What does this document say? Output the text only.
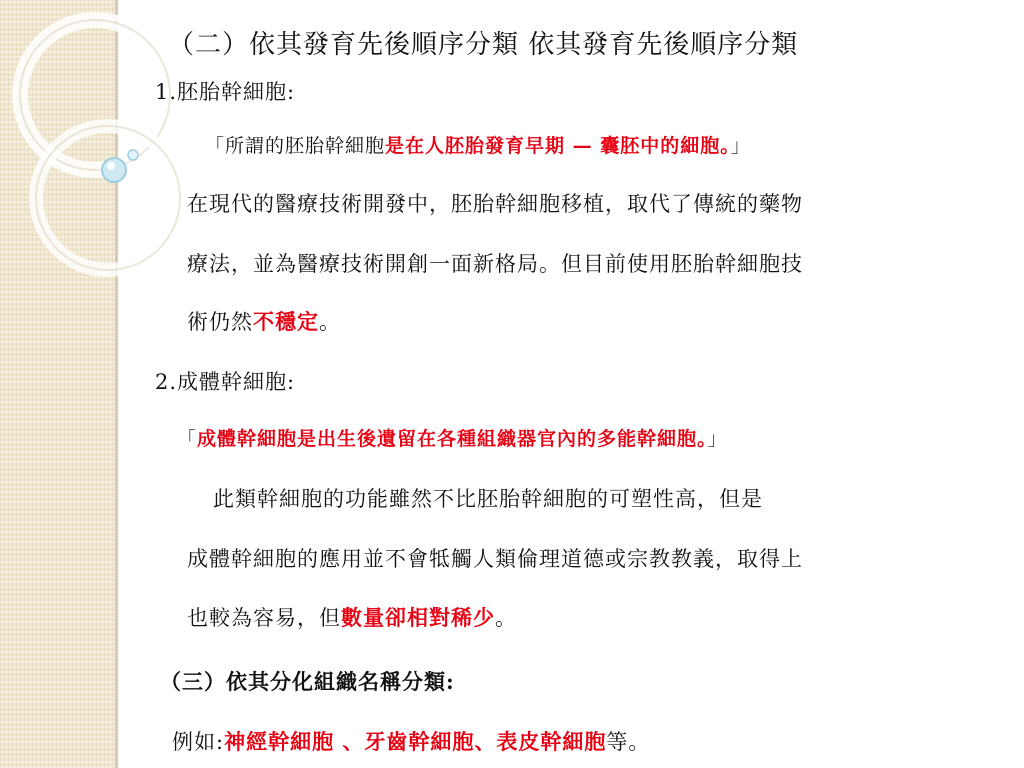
（二）依其發育先後順序分類 依其發育先後順序分類
1.胚胎幹細胞:
「所謂的胚胎幹細胞是在人胚胎發育早期 — 囊胚中的細胞。」
在現代的醫療技術開發中，胚胎幹細胞移植，取代了傳統的藥物
療法，並為醫療技術開創一面新格局。但目前使用胚胎幹細胞技
術仍然不穩定。
2.成體幹細胞:
「成體幹細胞是出生後遺留在各種組織器官內的多能幹細胞。」
此類幹細胞的功能雖然不比胚胎幹細胞的可塑性高，但是
成體幹細胞的應用並不會牴觸人類倫理道德或宗教教義，取得上
也較為容易，但數量卻相對稀少。
（三）依其分化組織名稱分類:
例如:神經幹細胞 、牙齒幹細胞、表皮幹細胞等。
